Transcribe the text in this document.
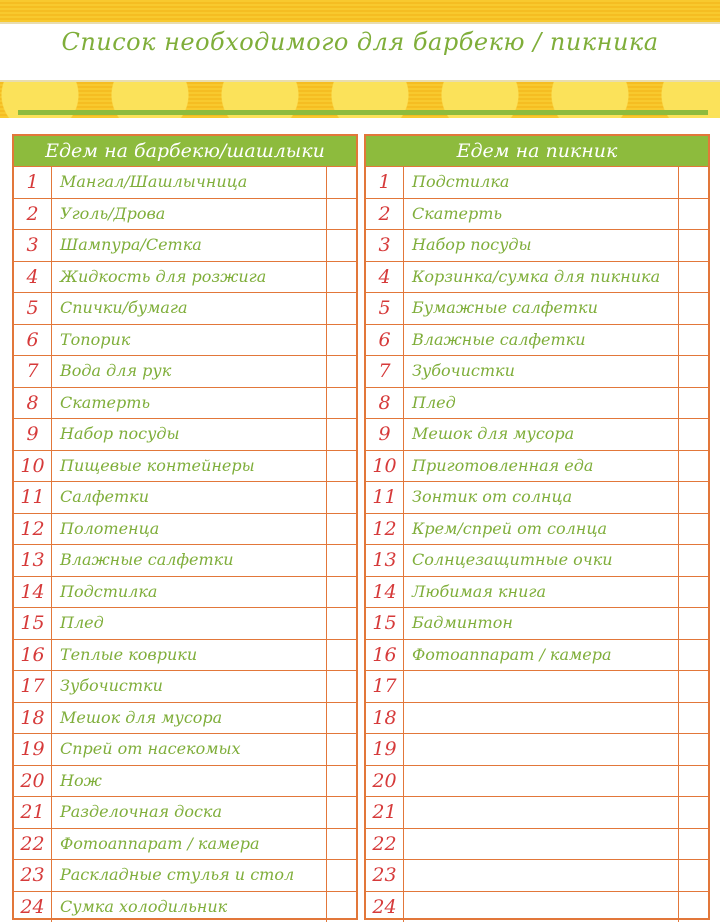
Список необходимого для барбекю / пикника
Едем на барбекю/шашлыки
1	Мангал/Шашлычница
2	Уголь/Дрова
3	Шампура/Сетка
4	Жидкость для розжига
5	Спички/бумага
6	Топорик
7	Вода для рук
8	Скатерть
9	Набор посуды
10 Пищевые контейнеры
11 Салфетки
12 Полотенца
13 Влажные салфетки
14 Подстилка
15 Плед
16 Теплые коврики
17 Зубочистки
18 Мешок для мусора
19 Спрей от насекомых
20 Нож
21 Разделочная доска
22 Фотоаппарат / камера
23 Раскладные стулья и стол
24 Сумка холодильник
Едем на пикник
1	Подстилка
2	Скатерть
3	Набор посуды
4	Корзинка/сумка для пикника
5	Бумажные салфетки
6	Влажные салфетки
7	Зубочистки
8	Плед
9	Мешок для мусора
10 Приготовленная еда
11 Зонтик от солнца
12 Крем/спрей от солнца
13 Солнцезащитные очки
14 Любимая книга
15 Бадминтон
16 Фотоаппарат / камера
17
18
19
20
21
22
23
24
